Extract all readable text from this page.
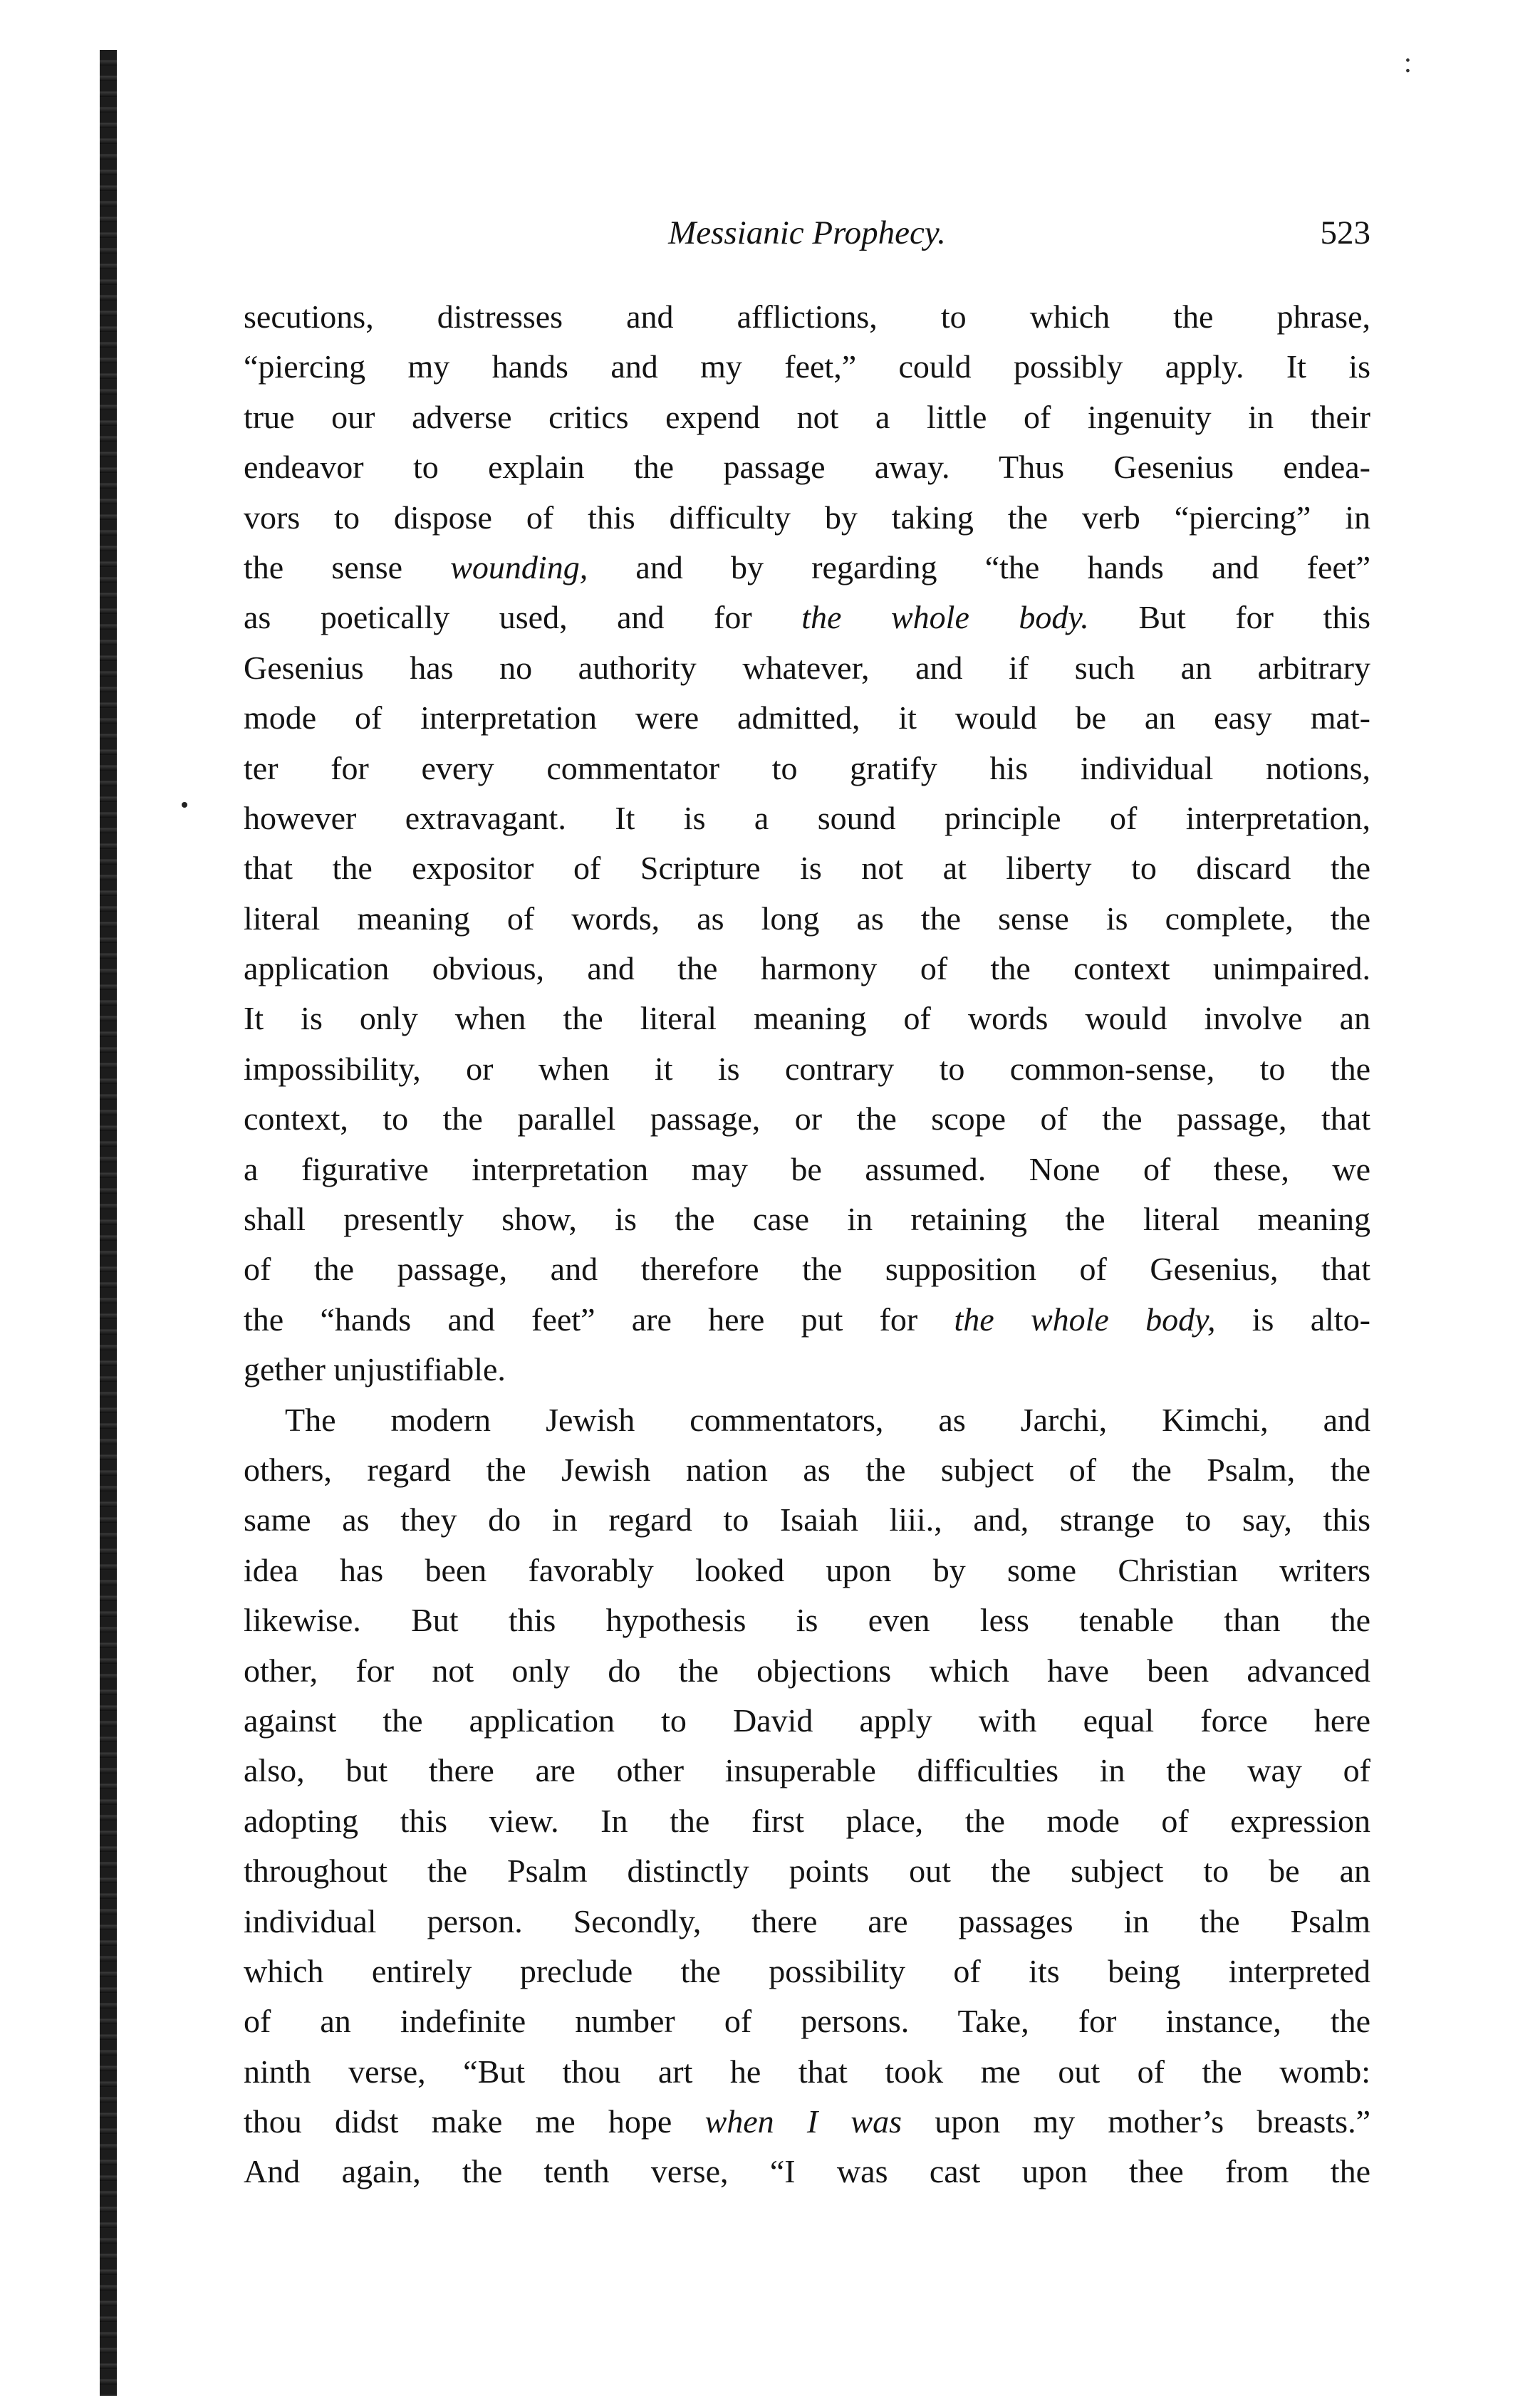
:
Messianic Prophecy.	523
secutions, distresses and afflictions, to which the phrase,
“piercing my hands and my feet,” could possibly apply. It is
true our adverse critics expend not a little of ingenuity in their
endeavor to explain the passage away. Thus Gesenius endea-
vors to dispose of this difficulty by taking the verb “piercing” in
the sense wounding, and by regarding “the hands and feet”
as poetically used, and for the whole body. But for this
Gesenius has no authority whatever, and if such an arbitrary
mode of interpretation were admitted, it would be an easy mat-
ter for every commentator to gratify his individual notions,
however extravagant. It is a sound principle of interpretation,
that the expositor of Scripture is not at liberty to discard the
literal meaning of words, as long as the sense is complete, the
application obvious, and the harmony of the context unimpaired.
It is only when the literal meaning of words would involve an
impossibility, or when it is contrary to common-sense, to the
context, to the parallel passage, or the scope of the passage, that
a figurative interpretation may be assumed. None of these, we
shall presently show, is the case in retaining the literal meaning
of the passage, and therefore the supposition of Gesenius, that
the “hands and feet” are here put for the whole body, is alto-
gether unjustifiable.
The modern Jewish commentators, as Jarchi, Kimchi, and
others, regard the Jewish nation as the subject of the Psalm, the
same as they do in regard to Isaiah liii., and, strange to say, this
idea has been favorably looked upon by some Christian writers
likewise. But this hypothesis is even less tenable than the
other, for not only do the objections which have been advanced
against the application to David apply with equal force here
also, but there are other insuperable difficulties in the way of
adopting this view. In the first place, the mode of expression
throughout the Psalm distinctly points out the subject to be an
individual person. Secondly, there are passages in the Psalm
which entirely preclude the possibility of its being interpreted
of an indefinite number of persons. Take, for instance, the
ninth verse, “But thou art he that took me out of the womb:
thou didst make me hope when I was upon my mother’s breasts.”
And again, the tenth verse, “I was cast upon thee from the
